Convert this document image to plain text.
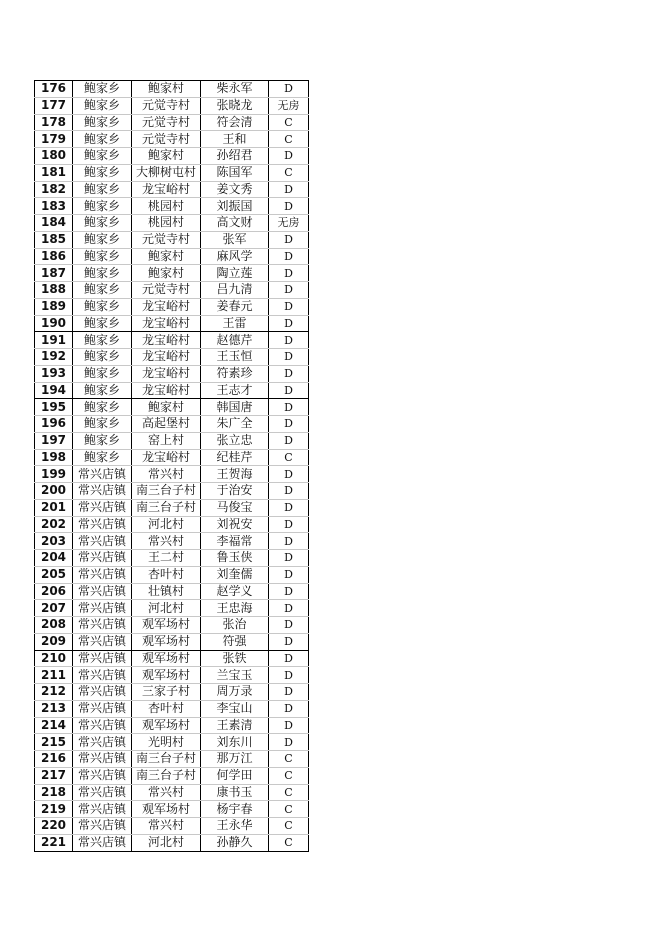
176	鲍家乡	鲍家村	柴永军	D
177	鲍家乡	元觉寺村	张晓龙	无房
178	鲍家乡	元觉寺村	符会清	C
179	鲍家乡	元觉寺村	王和	C
180	鲍家乡	鲍家村	孙绍君	D
181	鲍家乡	大柳树屯村	陈国军	C
182	鲍家乡	龙宝峪村	姜文秀	D
183	鲍家乡	桃园村	刘振国	D
184	鲍家乡	桃园村	高文财	无房
185	鲍家乡	元觉寺村	张军	D
186	鲍家乡	鲍家村	麻风学	D
187	鲍家乡	鲍家村	陶立莲	D
188	鲍家乡	元觉寺村	吕九清	D
189	鲍家乡	龙宝峪村	姜春元	D
190	鲍家乡	龙宝峪村	王雷	D
191	鲍家乡	龙宝峪村	赵德芹	D
192	鲍家乡	龙宝峪村	王玉恒	D
193	鲍家乡	龙宝峪村	符素珍	D
194	鲍家乡	龙宝峪村	王志才	D
195	鲍家乡	鲍家村	韩国唐	D
196	鲍家乡	高起堡村	朱广全	D
197	鲍家乡	窑上村	张立忠	D
198	鲍家乡	龙宝峪村	纪桂芹	C
199	常兴店镇	常兴村	王贺海	D
200	常兴店镇	南三台子村	于治安	D
201	常兴店镇	南三台子村	马俊宝	D
202	常兴店镇	河北村	刘祝安	D
203	常兴店镇	常兴村	李福常	D
204	常兴店镇	王二村	鲁玉侠	D
205	常兴店镇	杏叶村	刘奎儒	D
206	常兴店镇	壮镇村	赵学义	D
207	常兴店镇	河北村	王忠海	D
208	常兴店镇	观军场村	张治	D
209	常兴店镇	观军场村	符强	D
210	常兴店镇	观军场村	张铁	D
211	常兴店镇	观军场村	兰宝玉	D
212	常兴店镇	三家子村	周万录	D
213	常兴店镇	杏叶村	李宝山	D
214	常兴店镇	观军场村	王素清	D
215	常兴店镇	光明村	刘东川	D
216	常兴店镇	南三台子村	那万江	C
217	常兴店镇	南三台子村	何学田	C
218	常兴店镇	常兴村	康书玉	C
219	常兴店镇	观军场村	杨宇春	C
220	常兴店镇	常兴村	王永华	C
221	常兴店镇	河北村	孙静久	C
